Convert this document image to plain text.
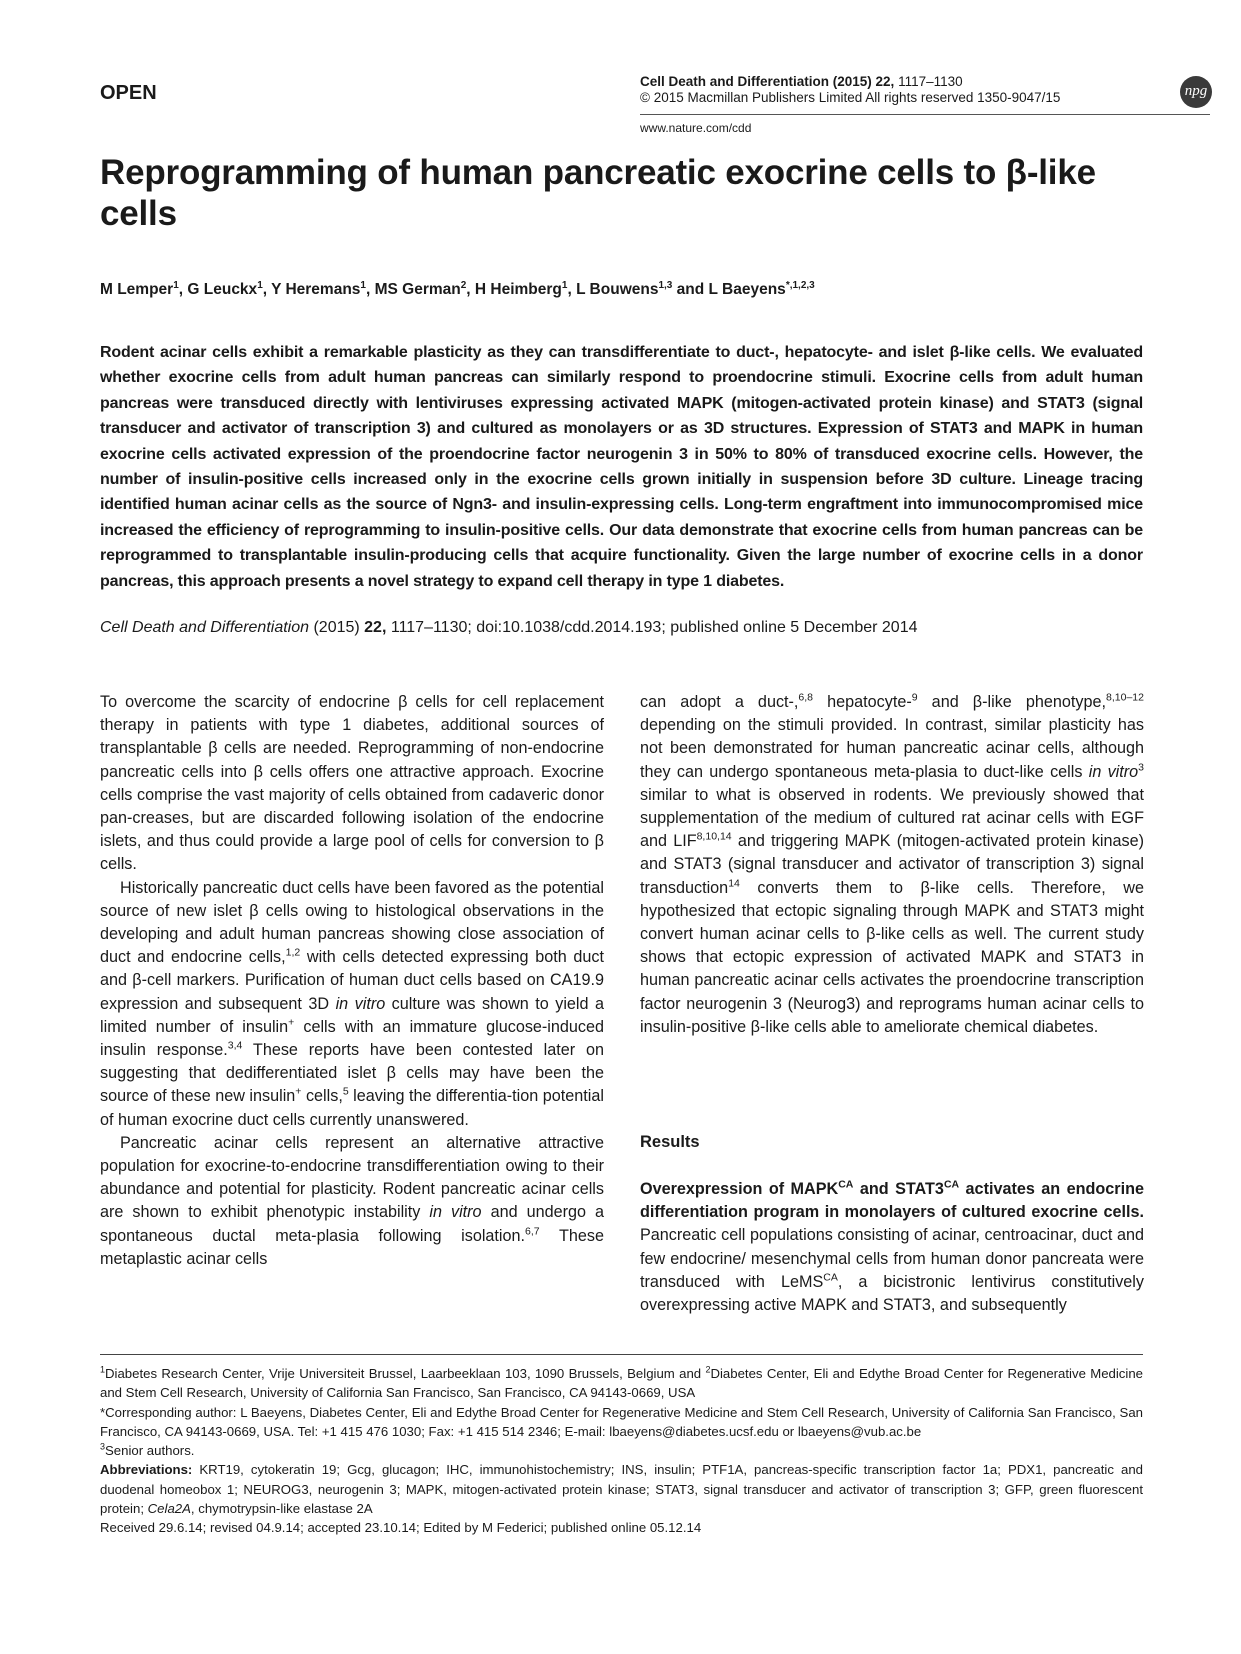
OPEN
Cell Death and Differentiation (2015) 22, 1117–1130
© 2015 Macmillan Publishers Limited All rights reserved 1350-9047/15
www.nature.com/cdd
npg
Reprogramming of human pancreatic exocrine cells to β-like cells
M Lemper$^1$, G Leuckx$^1$, Y Heremans$^1$, MS German$^2$, H Heimberg$^1$, L Bouwens$^{1,3}$ and L Baeyens$^{*,1,2,3}$
Rodent acinar cells exhibit a remarkable plasticity as they can transdifferentiate to duct-, hepatocyte- and islet β-like cells. We evaluated whether exocrine cells from adult human pancreas can similarly respond to proendocrine stimuli. Exocrine cells from adult human pancreas were transduced directly with lentiviruses expressing activated MAPK (mitogen-activated protein kinase) and STAT3 (signal transducer and activator of transcription 3) and cultured as monolayers or as 3D structures. Expression of STAT3 and MAPK in human exocrine cells activated expression of the proendocrine factor neurogenin 3 in 50% to 80% of transduced exocrine cells. However, the number of insulin-positive cells increased only in the exocrine cells grown initially in suspension before 3D culture. Lineage tracing identified human acinar cells as the source of Ngn3- and insulin-expressing cells. Long-term engraftment into immunocompromised mice increased the efficiency of reprogramming to insulin-positive cells. Our data demonstrate that exocrine cells from human pancreas can be reprogrammed to transplantable insulin-producing cells that acquire functionality. Given the large number of exocrine cells in a donor pancreas, this approach presents a novel strategy to expand cell therapy in type 1 diabetes.
Cell Death and Differentiation (2015) 22, 1117–1130; doi:10.1038/cdd.2014.193; published online 5 December 2014

To overcome the scarcity of endocrine β cells for cell replacement therapy in patients with type 1 diabetes, additional sources of transplantable β cells are needed. Reprogramming of non-endocrine pancreatic cells into β cells offers one attractive approach. Exocrine cells comprise the vast majority of cells obtained from cadaveric donor pan-creases, but are discarded following isolation of the endocrine islets, and thus could provide a large pool of cells for conversion to β cells.

Historically pancreatic duct cells have been favored as the potential source of new islet β cells owing to histological observations in the developing and adult human pancreas showing close association of duct and endocrine cells,$^{1,2}$ with cells detected expressing both duct and β-cell markers. Purification of human duct cells based on CA19.9 expression and subsequent 3D in vitro culture was shown to yield a limited number of insulin+ cells with an immature glucose-induced insulin response.$^{3,4}$ These reports have been contested later on suggesting that dedifferentiated islet β cells may have been the source of these new insulin+ cells,$^5$ leaving the differentia-tion potential of human exocrine duct cells currently unanswered.

Pancreatic acinar cells represent an alternative attractive population for exocrine-to-endocrine transdifferentiation owing to their abundance and potential for plasticity. Rodent pancreatic acinar cells are shown to exhibit phenotypic instability in vitro and undergo a spontaneous ductal meta-plasia following isolation.$^{6,7}$ These metaplastic acinar cells

can adopt a duct-,$^{6,8}$ hepatocyte-$^9$ and β-like phenotype,$^{8,10-12}$ depending on the stimuli provided. In contrast, similar plasticity has not been demonstrated for human pancreatic acinar cells, although they can undergo spontaneous meta-plasia to duct-like cells in vitro$^3$ similar to what is observed in rodents. We previously showed that supplementation of the medium of cultured rat acinar cells with EGF and LIF$^{8,10,14}$ and triggering MAPK (mitogen-activated protein kinase) and STAT3 (signal transducer and activator of transcription 3) signal transduction$^{14}$ converts them to β-like cells. Therefore, we hypothesized that ectopic signaling through MAPK and STAT3 might convert human acinar cells to β-like cells as well. The current study shows that ectopic expression of activated MAPK and STAT3 in human pancreatic acinar cells activates the proendocrine transcription factor neurogenin 3 (Neurog3) and reprograms human acinar cells to insulin-positive β-like cells able to ameliorate chemical diabetes.

Results

Overexpression of $MAPK^{CA}$ and $STAT3^{CA}$ activates an endocrine differentiation program in monolayers of cultured exocrine cells. Pancreatic cell populations consisting of acinar, centroacinar, duct and few endocrine/ mesenchymal cells from human donor pancreata were transduced with LeMS$^{CA}$, a bicistronic lentivirus constitutively overexpressing active MAPK and STAT3, and subsequently

$^1$Diabetes Research Center, Vrije Universiteit Brussel, Laarbeeklaan 103, 1090 Brussels, Belgium and $^2$Diabetes Center, Eli and Edythe Broad Center for Regenerative Medicine and Stem Cell Research, University of California San Francisco, San Francisco, CA 94143-0669, USA

*Corresponding author: L Baeyens, Diabetes Center, Eli and Edythe Broad Center for Regenerative Medicine and Stem Cell Research, University of California San Francisco, San Francisco, CA 94143-0669, USA. Tel: +1 415 476 1030; Fax: +1 415 514 2346; E-mail: lbaeyens@diabetes.ucsf.edu or lbaeyens@vub.ac.be

$^3$Senior authors.

Abbreviations: KRT19, cytokeratin 19; Gcg, glucagon; IHC, immunohistochemistry; INS, insulin; PTF1A, pancreas-specific transcription factor 1a; PDX1, pancreatic and duodenal homeobox 1; NEUROG3, neurogenin 3; MAPK, mitogen-activated protein kinase; STAT3, signal transducer and activator of transcription 3; GFP, green fluorescent protein; Cela2A, chymotrypsin-like elastase 2A

Received 29.6.14; revised 04.9.14; accepted 23.10.14; Edited by M Federici; published online 05.12.14
